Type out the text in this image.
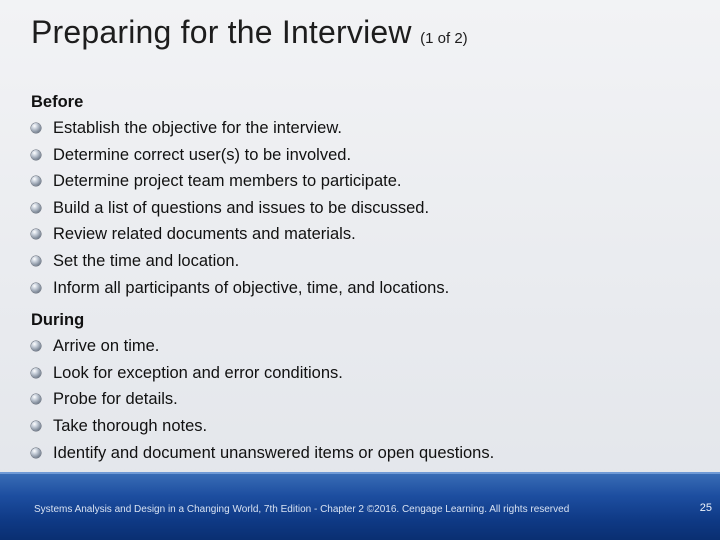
Preparing for the Interview (1 of 2)
Before
Establish the objective for the interview.
Determine correct user(s) to be involved.
Determine project team members to participate.
Build a list of questions and issues to be discussed.
Review related documents and materials.
Set the time and location.
Inform all participants of objective, time, and locations.
During
Arrive on time.
Look for exception and error conditions.
Probe for details.
Take thorough notes.
Identify and document unanswered items or open questions.
Systems Analysis and Design in a Changing World, 7th Edition - Chapter 2 ©2016. Cengage Learning. All rights reserved	25
